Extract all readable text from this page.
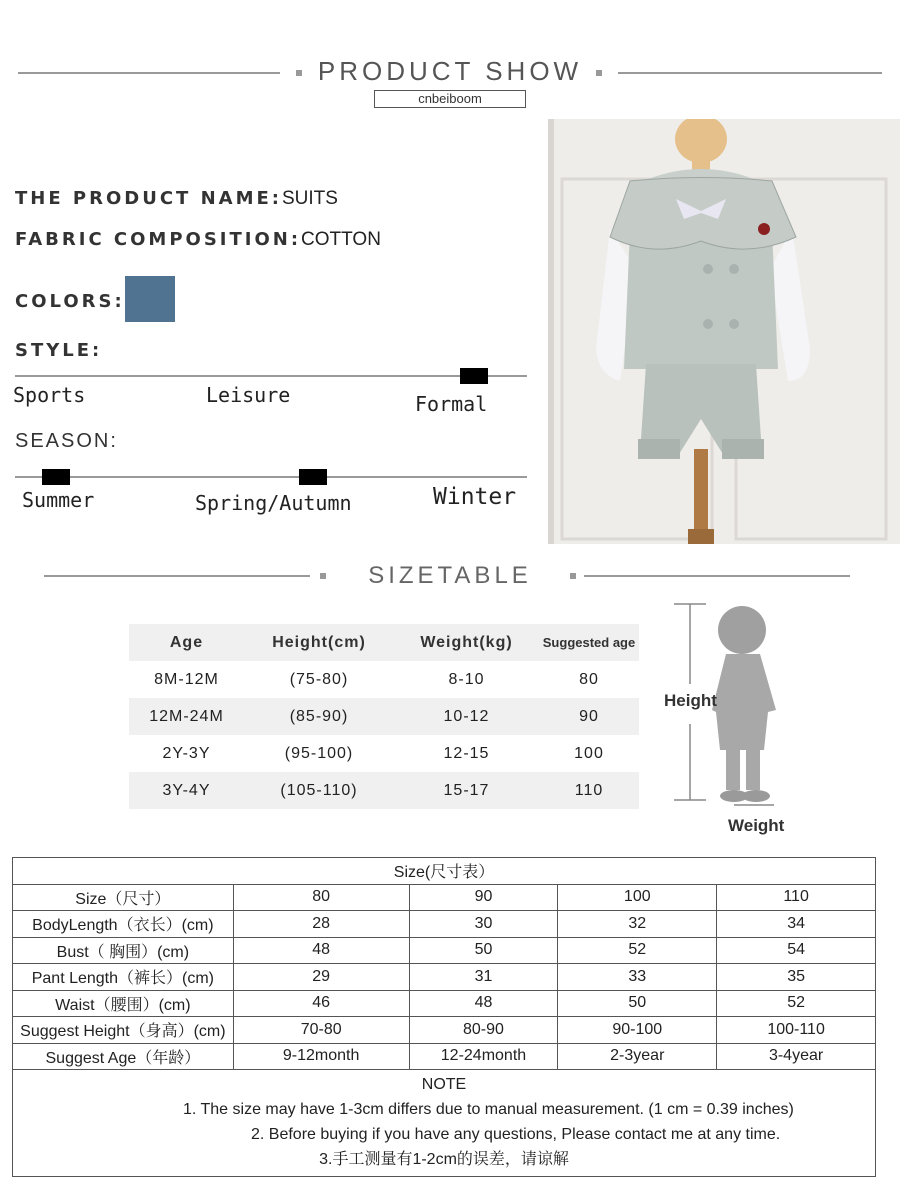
PRODUCT SHOW
cnbeiboom
THE PRODUCT NAME:SUITS
FABRIC COMPOSITION:COTTON
COLORS:
STYLE:
Sports	Leisure	Formal
SEASON:
Summer	Spring/Autumn	Winter
SIZETABLE
Age	Height(cm)	Weight(kg)	Suggested age
8M-12M	(75-80)	8-10	80
12M-24M	(85-90)	10-12	90
2Y-3Y	(95-100)	12-15	100
3Y-4Y	(105-110)	15-17	110
Height
Weight
Size(尺寸表）				
Size（尺寸）	80	90	100	110
BodyLength（衣长）(cm)	28	30	32	34
Bust（ 胸围）(cm)	48	50	52	54
Pant Length（裤长）(cm)	29	31	33	35
Waist（腰围）(cm)	46	48	50	52
Suggest Height（身高）(cm)	70-80	80-90	90-100	100-110
Suggest Age（年龄）	9-12month	12-24month	2-3year	3-4year

NOTE
1. The size may have 1-3cm differs due to manual measurement. (1 cm = 0.39 inches)
2. Before buying if you have any questions, Please contact me at any time.
3.手工测量有1-2cm的误差，请谅解				
